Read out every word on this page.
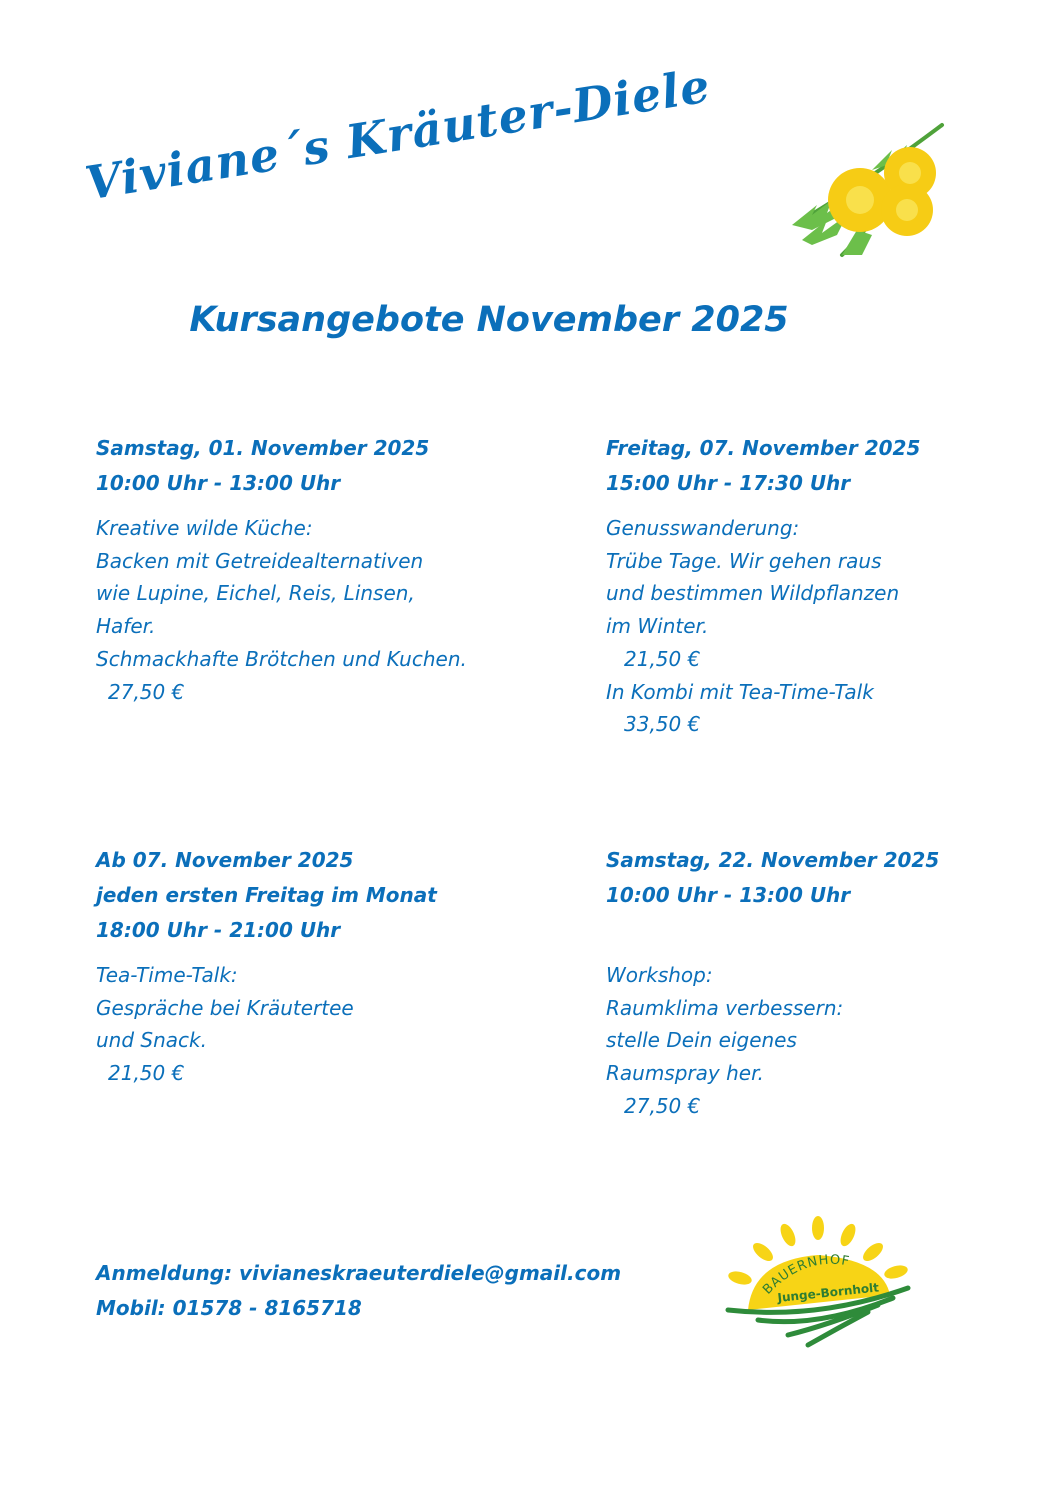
Viviane´s Kräuter-Diele
Kursangebote November 2025
Samstag, 01. November 2025
10:00 Uhr - 13:00 Uhr
Kreative wilde Küche:
Backen mit Getreidealternativen
wie Lupine, Eichel, Reis, Linsen,
Hafer.
Schmackhafte Brötchen und Kuchen.
27,50 €
Freitag, 07. November 2025
15:00 Uhr - 17:30 Uhr
Genusswanderung:
Trübe Tage. Wir gehen raus
und bestimmen Wildpflanzen
im Winter.
21,50 €
In Kombi mit Tea-Time-Talk
33,50 €
Ab 07. November 2025
jeden ersten Freitag im Monat
18:00 Uhr - 21:00 Uhr
Tea-Time-Talk:
Gespräche bei Kräutertee
und Snack.
21,50 €
Samstag, 22. November 2025
10:00 Uhr - 13:00 Uhr
Workshop:
Raumklima verbessern:
stelle Dein eigenes
Raumspray her.
27,50 €
Anmeldung: vivianeskraeuterdiele@gmail.com
Mobil: 01578 - 8165718
BAUERNHOF
Junge-Bornholt
